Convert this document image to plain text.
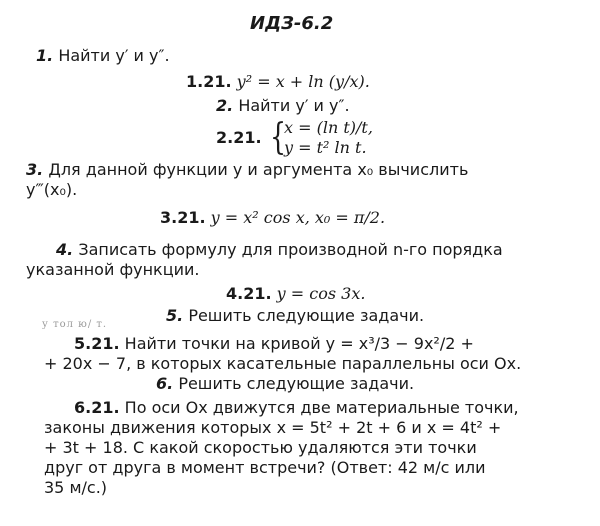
ИДЗ-6.2
1. Найти y′ и y″.
1.21. y² = x + ln (y/x).
2. Найти y′ и y″.
2.21. {
x = (ln t)/t,
y = t² ln t.
3. Для данной функции y и аргумента x₀ вычислить
y‴(x₀).
3.21. y = x² cos x, x₀ = π/2.
4. Записать формулу для производной n-го порядка
указанной функции.
4.21. y = cos 3x.
5. Решить следующие задачи.
у тол ю/ т.
5.21. Найти точки на кривой y = x³/3 − 9x²/2 +
+ 20x − 7, в которых касательные параллельны оси Ox.
6. Решить следующие задачи.
6.21. По оси Ox движутся две материальные точки,
законы движения которых x = 5t² + 2t + 6 и x = 4t² +
+ 3t + 18. С какой скоростью удаляются эти точки
друг от друга в момент встречи? (Ответ: 42 м/с или
35 м/с.)
